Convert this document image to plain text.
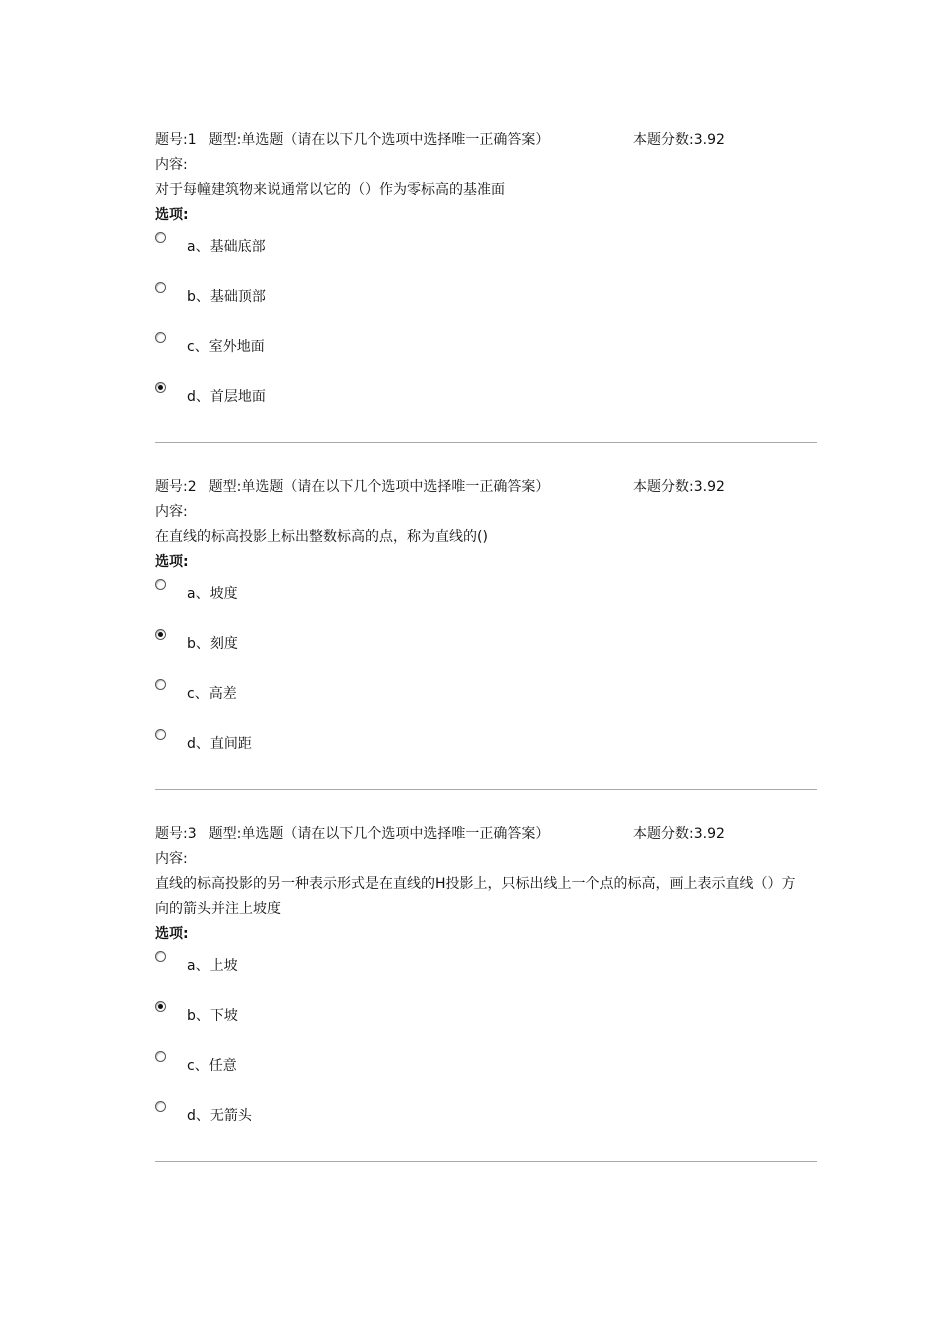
题号:1 题型:单选题（请在以下几个选项中选择唯一正确答案）	本题分数:3.92
内容:
对于每幢建筑物来说通常以它的（）作为零标高的基准面
选项:
a、基础底部
b、基础顶部
c、室外地面
d、首层地面
题号:2 题型:单选题（请在以下几个选项中选择唯一正确答案）	本题分数:3.92
内容:
在直线的标高投影上标出整数标高的点，称为直线的()
选项:
a、坡度
b、刻度
c、高差
d、直间距
题号:3 题型:单选题（请在以下几个选项中选择唯一正确答案）	本题分数:3.92
内容:
直线的标高投影的另一种表示形式是在直线的H投影上，只标出线上一个点的标高，画上表示直线（）方向的箭头并注上坡度
选项:
a、上坡
b、下坡
c、任意
d、无箭头
